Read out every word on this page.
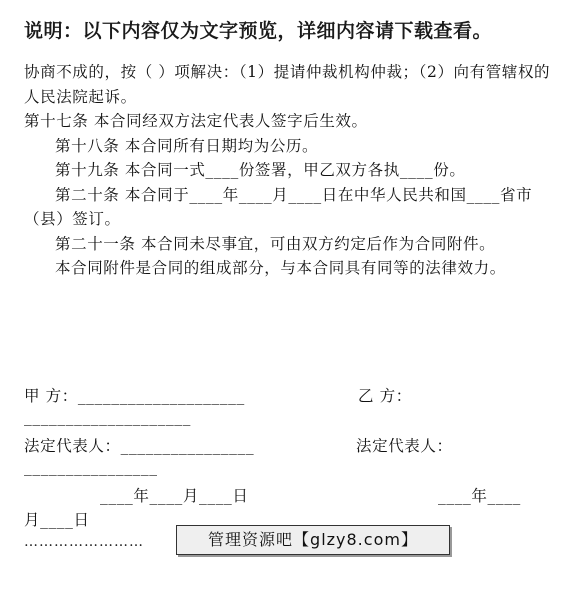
说明：以下内容仅为文字预览，详细内容请下载查看。

协商不成的，按（ ）项解决：（1）提请仲裁机构仲裁；（2）向有管辖权的人民法院起诉。

第十七条 本合同经双方法定代表人签字后生效。

第十八条 本合同所有日期均为公历。

第十九条 本合同一式____份签署，甲乙双方各执____份。

第二十条 本合同于____年____月____日在中华人民共和国____省市（县）签订。

第二十一条 本合同未尽事宜，可由双方约定后作为合同附件。

本合同附件是合同的组成部分，与本合同具有同等的法律效力。

甲 方：____________________	乙 方：
____________________
法定代表人：________________	法定代表人：
________________
____年____月____日	____年____
月____日
……………………	管理资源吧【glzy8.com】
